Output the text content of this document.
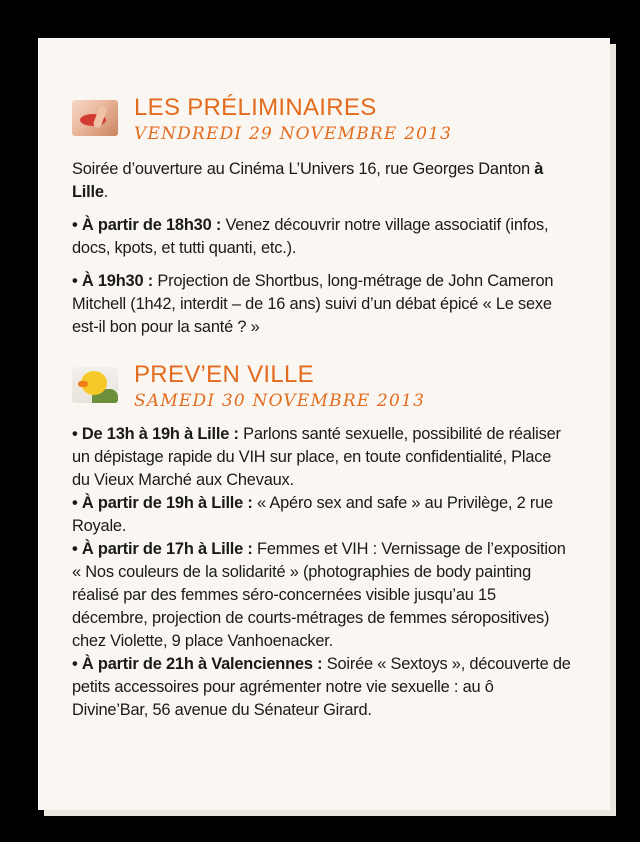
LES PRÉLIMINAIRES
VENDREDI 29 NOVEMBRE 2013

Soirée d’ouverture au Cinéma L’Univers 16, rue Georges Danton à Lille.

• À partir de 18h30 : Venez découvrir notre village associatif (infos, docs, kpots, et tutti quanti, etc.).
• À 19h30 : Projection de Shortbus, long-métrage de John Cameron Mitchell (1h42, interdit – de 16 ans) suivi d’un débat épicé « Le sexe est-il bon pour la santé ? »
PREV’EN VILLE
SAMEDI 30 NOVEMBRE 2013
• De 13h à 19h à Lille : Parlons santé sexuelle, possibilité de réaliser un dépistage rapide du VIH sur place, en toute confidentialité, Place du Vieux Marché aux Chevaux.
• À partir de 19h à Lille : « Apéro sex and safe » au Privilège, 2 rue Royale.
• À partir de 17h à Lille : Femmes et VIH : Vernissage de l’exposition « Nos couleurs de la solidarité » (photographies de body painting réalisé par des femmes séro-concernées visible jusqu’au 15 décembre, projection de courts-métrages de femmes séropositives) chez Violette, 9 place Vanhoenacker.
• À partir de 21h à Valenciennes : Soirée « Sextoys », découverte de petits accessoires pour agrémenter notre vie sexuelle : au ô Divine’Bar, 56 avenue du Sénateur Girard.
